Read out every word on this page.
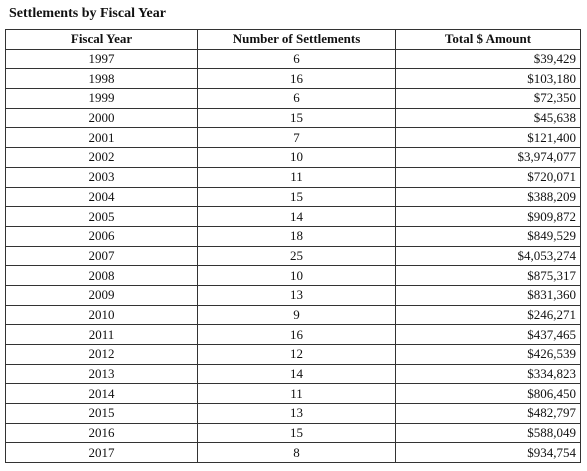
Settlements by Fiscal Year
Fiscal Year	Number of Settlements	Total $ Amount
1997	6	$39,429
1998	16	$103,180
1999	6	$72,350
2000	15	$45,638
2001	7	$121,400
2002	10	$3,974,077
2003	11	$720,071
2004	15	$388,209
2005	14	$909,872
2006	18	$849,529
2007	25	$4,053,274
2008	10	$875,317
2009	13	$831,360
2010	9	$246,271
2011	16	$437,465
2012	12	$426,539
2013	14	$334,823
2014	11	$806,450
2015	13	$482,797
2016	15	$588,049
2017	8	$934,754
